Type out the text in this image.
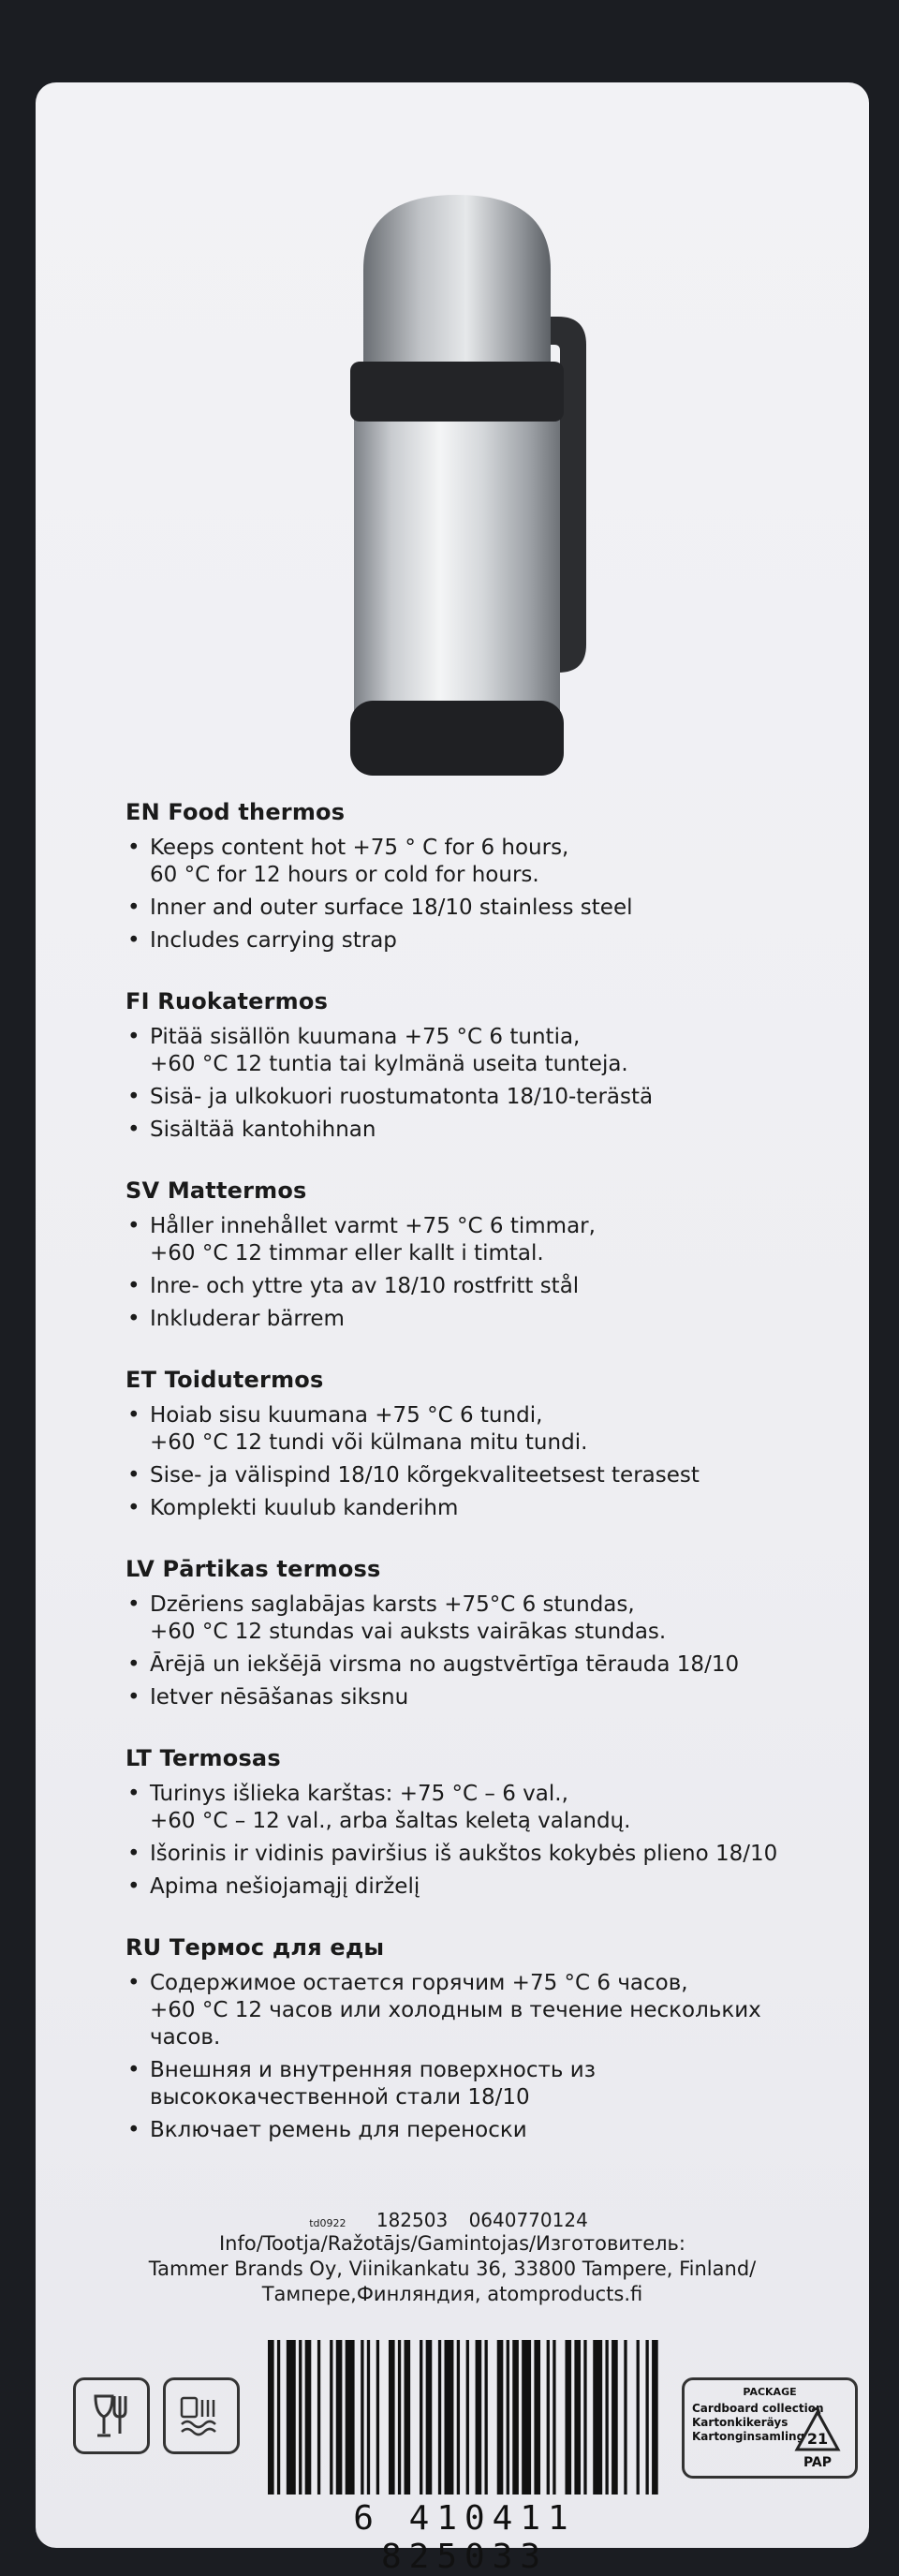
EN Food thermos
• Keeps content hot +75 ° C for 6 hours,
60 °C for 12 hours or cold for hours.
• Inner and outer surface 18/10 stainless steel
• Includes carrying strap
FI Ruokatermos
• Pitää sisällön kuumana +75 °C 6 tuntia,
+60 °C 12 tuntia tai kylmänä useita tunteja.
• Sisä- ja ulkokuori ruostumatonta 18/10-terästä
• Sisältää kantohihnan
SV Mattermos
• Håller innehållet varmt +75 °C 6 timmar,
+60 °C 12 timmar eller kallt i timtal.
• Inre- och yttre yta av 18/10 rostfritt stål
• Inkluderar bärrem
ET Toidutermos
• Hoiab sisu kuumana +75 °C 6 tundi,
+60 °C 12 tundi või külmana mitu tundi.
• Sise- ja välispind 18/10 kõrgekvaliteetsest terasest
• Komplekti kuulub kanderihm
LV Pārtikas termoss
• Dzēriens saglabājas karsts +75°C 6 stundas,
+60 °C 12 stundas vai auksts vairākas stundas.
• Ārējā un iekšējā virsma no augstvērtīga tērauda 18/10
• Ietver nēsāšanas siksnu
LT Termosas
• Turinys išlieka karštas: +75 °C – 6 val.,
+60 °C – 12 val., arba šaltas keletą valandų.
• Išorinis ir vidinis paviršius iš aukštos kokybės plieno 18/10
• Apima nešiojamąjį dirželį
RU Термос для еды
• Содержимое остается горячим +75 °C 6 часов,
+60 °C 12 часов или холодным в течение нескольких часов.
• Внешняя и внутренняя поверхность из
высококачественной стали 18/10
• Включает ремень для переноски
td0922 182503 0640770124
Info/Tootja/Ražotājs/Gamintojas/Изготовитель:
Tammer Brands Oy, Viinikankatu 36, 33800 Tampere, Finland/
Тампере,Финляндия, atomproducts.fi
6 410411 825033
PACKAGE
Cardboard collection
Kartonkikeräys
Kartonginsamling 21
PAP
